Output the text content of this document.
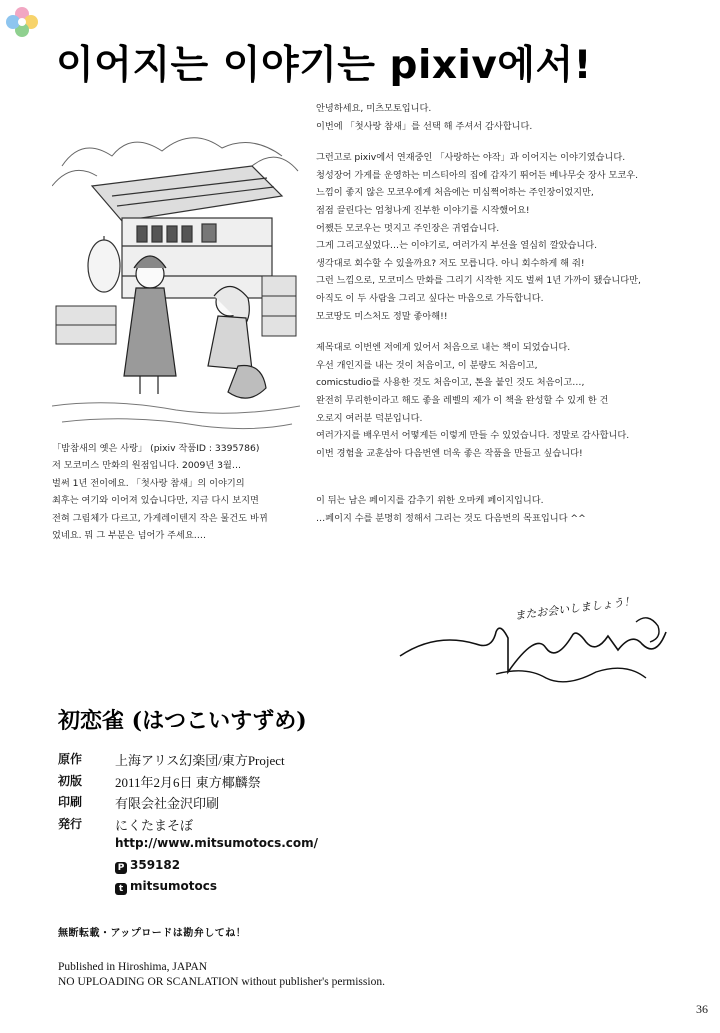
이어지는 이야기는 pixiv에서!
안녕하세요, 미츠모토입니다.
이번에 「첫사랑 참새」를 선택 해 주셔서 감사합니다.
그런고로 pixiv에서 연재중인 「사랑하는 야작」과 이어지는 이야기였습니다.
청성장어 가게를 운영하는 미스티아의 집에 갑자기 뛰어든 베나무숫 장사 모코우.
느낌이 좋지 않은 모코우에게 처음에는 미심쩍어하는 주인장이었지만,
점점 끌린다는 엄청나게 진부한 이야기를 시작했어요!
어쨌든 모코우는 멋지고 주인장은 귀엽습니다.
그게 그리고싶었다…는 이야기로, 여러가지 부선을 열심히 깔았습니다.
생각대로 회수할 수 있을까요? 저도 모릅니다. 아니 회수하게 해 줘!
그런 느낌으로, 모코미스 만화를 그리기 시작한 지도 벌써 1년 가까이 됐습니다만,
아직도 이 두 사람을 그리고 싶다는 마음으로 가득합니다.
모코땅도 미스처도 정말 좋아해!!
제목대로 이번엔 저에게 있어서 처음으로 내는 책이 되었습니다.
우선 개인지를 내는 것이 처음이고, 이 분량도 처음이고,
comicstudio를 사용한 것도 처음이고, 톤을 붙인 것도 처음이고…,
완전히 무리한이라고 해도 좋을 레벨의 제가 이 책을 완성할 수 있게 한 건
오로지 여러분 덕분입니다.
여러가지를 배우면서 어떻게든 이렇게 만들 수 있었습니다. 정말로 감사합니다.
이번 경험을 교훈삼아 다음번엔 더욱 좋은 작품을 만들고 싶습니다!
이 뒤는 남은 페이지를 감추기 위한 오마케 페이지입니다.
…페이지 수를 분명히 정해서 그리는 것도 다음번의 목표입니다 ^^
「밤참새의 옛은 사랑」 (pixiv 작품ID : 3395786)
저 모코미스 만화의 원점입니다. 2009년 3월…
벌써 1년 전이에요. 「첫사랑 참새」의 이야기의
최후는 여기와 이어져 있습니다만, 지금 다시 보지면
전혀 그림체가 다르고, 가게레이텐지 작은 물건도 바뀌
었네요. 뭐 그 부분은 넘어가 주세요….
またお会いしましょう！
初恋雀 (はつこいすずめ)
原作	上海アリス幻楽団/東方Project
初版	2011年2月6日 東方椰麟祭
印刷	有限会社金沢印刷
発行	にくたまそぼ
http://www.mitsumotocs.com/
P 359182
t mitsumotocs
無断転載・アップロードは勘弁してね！
Published in Hiroshima, JAPAN
NO UPLOADING OR SCANLATION without publisher's permission.
36
